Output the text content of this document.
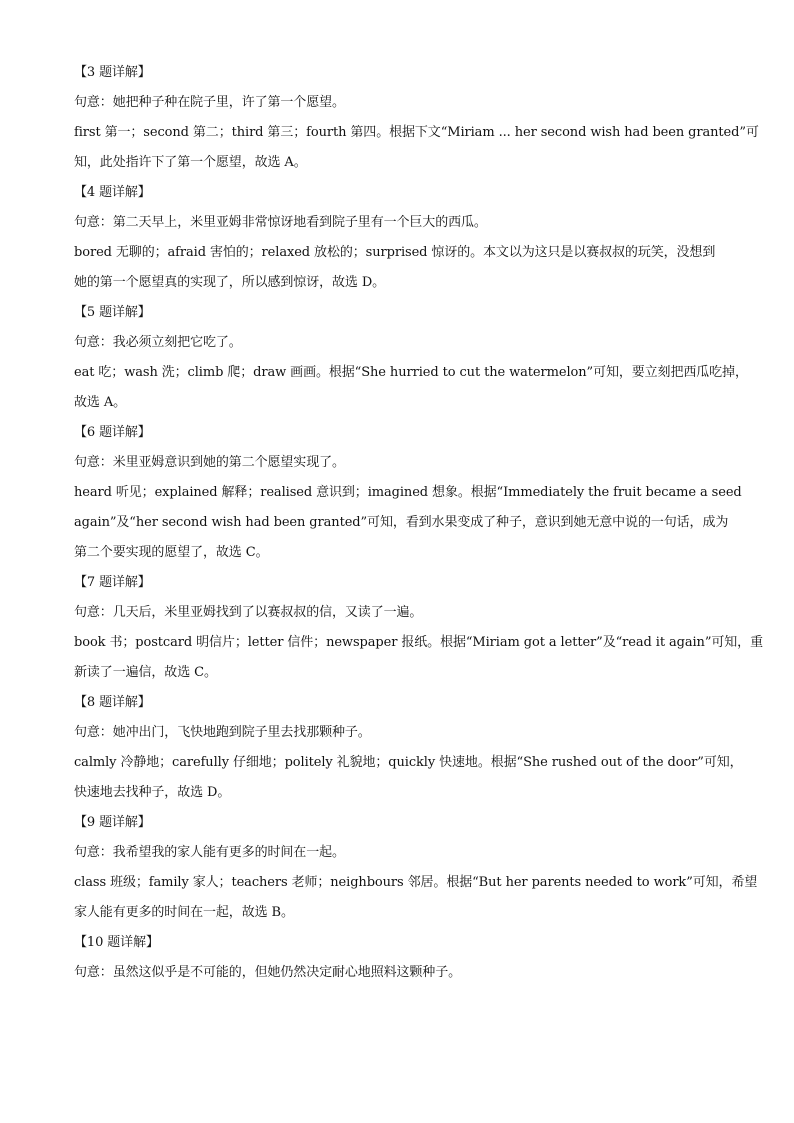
【3 题详解】
句意：她把种子种在院子里，许了第一个愿望。
first 第一；second 第二；third 第三；fourth 第四。根据下文“Miriam ... her second wish had been granted”可
知，此处指许下了第一个愿望，故选 A。
【4 题详解】
句意：第二天早上，米里亚姆非常惊讶地看到院子里有一个巨大的西瓜。
bored 无聊的；afraid 害怕的；relaxed 放松的；surprised 惊讶的。本文以为这只是以赛叔叔的玩笑，没想到
她的第一个愿望真的实现了，所以感到惊讶，故选 D。
【5 题详解】
句意：我必须立刻把它吃了。
eat 吃；wash 洗；climb 爬；draw 画画。根据“She hurried to cut the watermelon”可知，要立刻把西瓜吃掉，
故选 A。
【6 题详解】
句意：米里亚姆意识到她的第二个愿望实现了。
heard 听见；explained 解释；realised 意识到；imagined 想象。根据“Immediately the fruit became a seed
again”及“her second wish had been granted”可知，看到水果变成了种子，意识到她无意中说的一句话，成为
第二个要实现的愿望了，故选 C。
【7 题详解】
句意：几天后，米里亚姆找到了以赛叔叔的信，又读了一遍。
book 书；postcard 明信片；letter 信件；newspaper 报纸。根据“Miriam got a letter”及“read it again”可知，重
新读了一遍信，故选 C。
【8 题详解】
句意：她冲出门，飞快地跑到院子里去找那颗种子。
calmly 冷静地；carefully 仔细地；politely 礼貌地；quickly 快速地。根据“She rushed out of the door”可知，
快速地去找种子，故选 D。
【9 题详解】
句意：我希望我的家人能有更多的时间在一起。
class 班级；family 家人；teachers 老师；neighbours 邻居。根据“But her parents needed to work”可知，希望
家人能有更多的时间在一起，故选 B。
【10 题详解】
句意：虽然这似乎是不可能的，但她仍然决定耐心地照料这颗种子。
